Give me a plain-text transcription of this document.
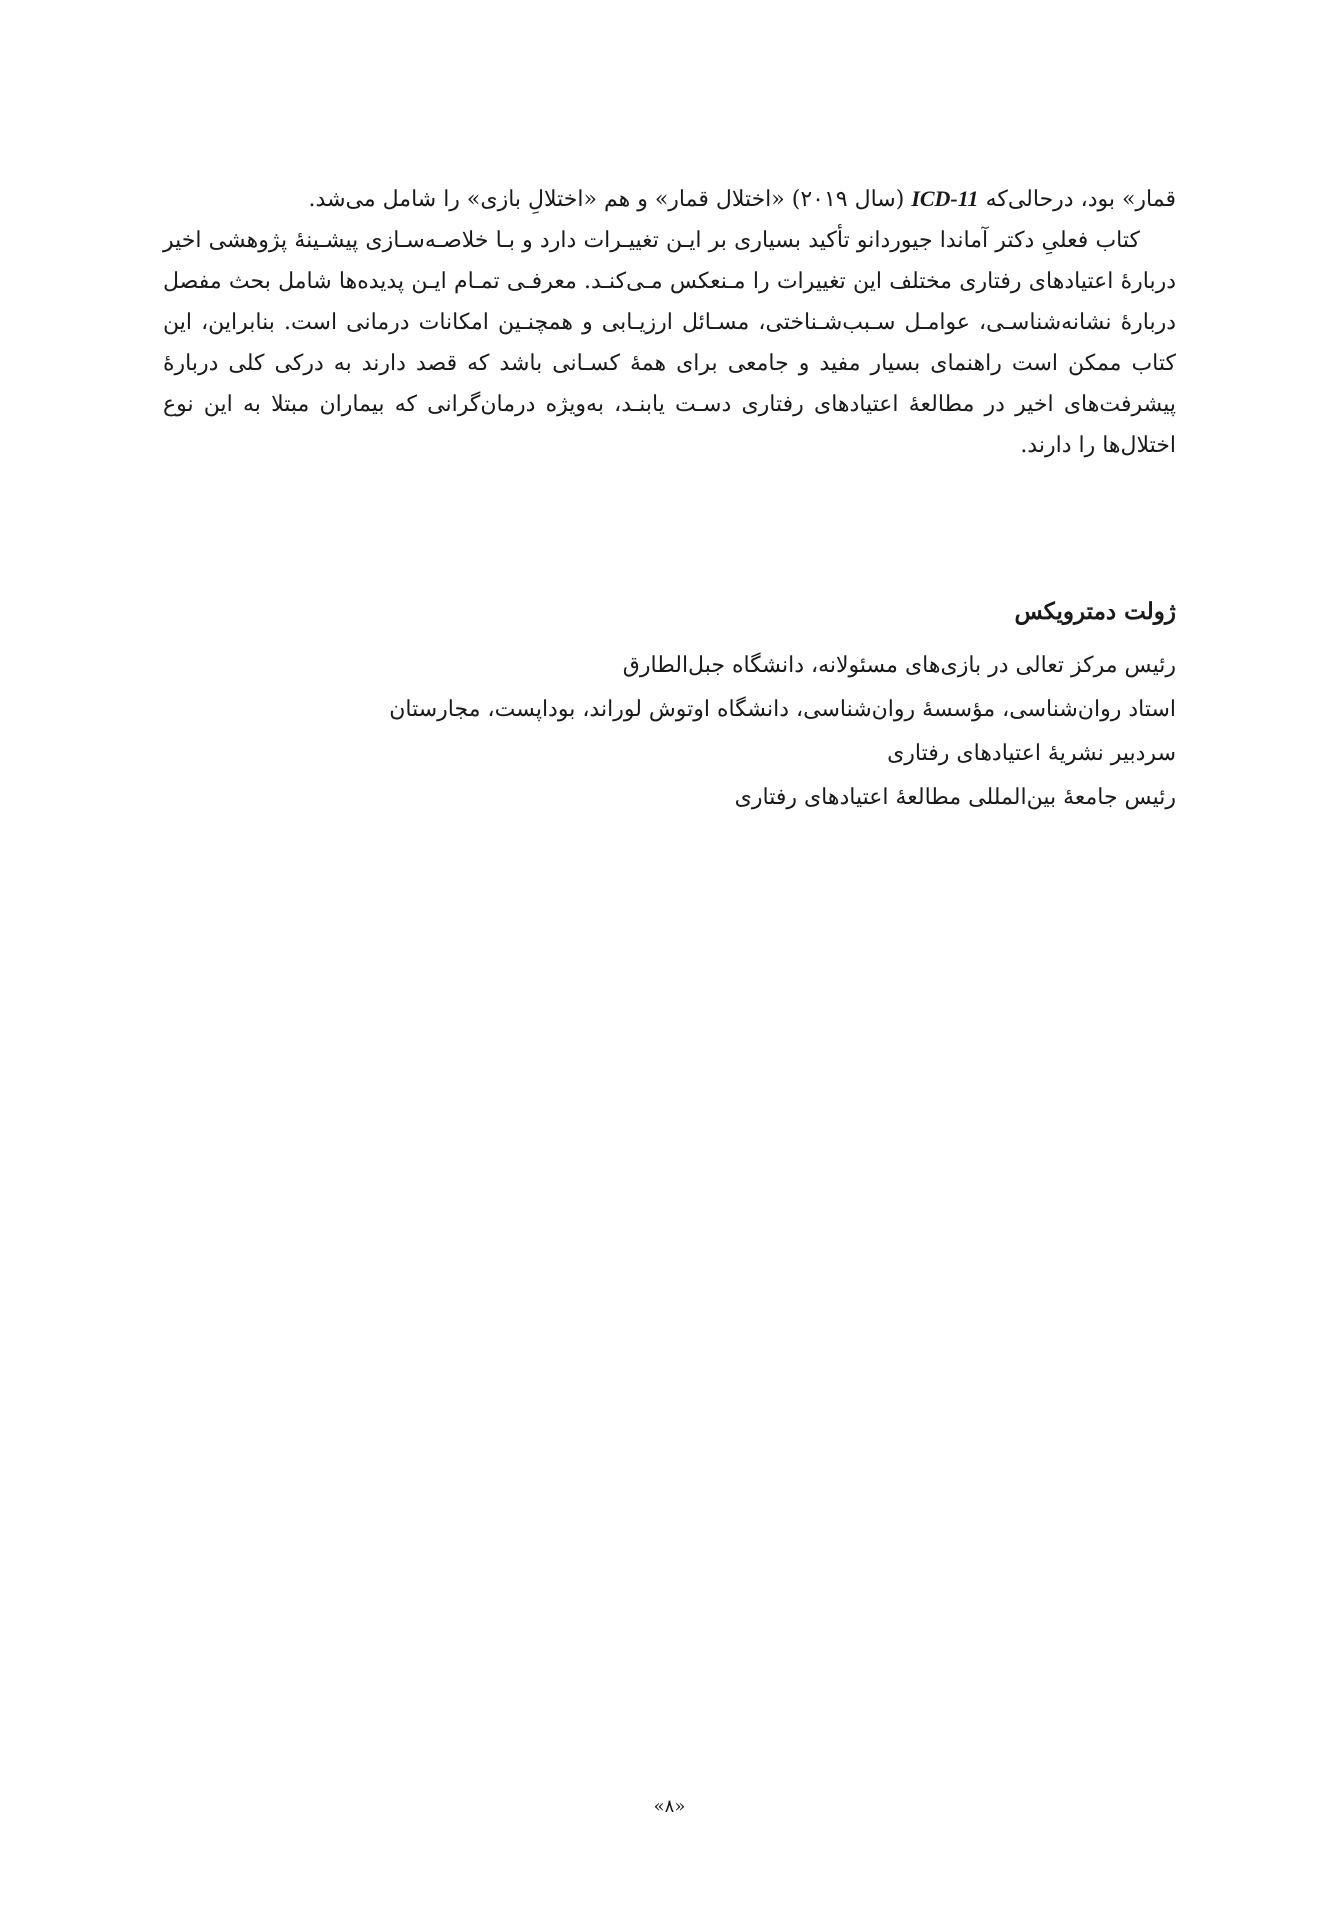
قمار» بود، درحالی‌که ICD-11 (سال ۲۰۱۹) «اختلال قمار» و هم «اختلالِ بازی» را شامل می‌شد.

کتاب فعلیِ دکتر آماندا جیوردانو تأکید بسیاری بر ایـن تغییـرات دارد و بـا خلاصـه‌سـازی پیشـینهٔ پژوهشی اخیر دربارهٔ اعتیادهای رفتاری مختلف این تغییرات را مـنعکس مـی‌کنـد. معرفـی تمـام ایـن پدیده‌ها شامل بحث مفصل دربارهٔ نشانه‌شناسـی، عوامـل سـبب‌شـناختی، مسـائل ارزیـابی و همچنـین امکانات درمانی است. بنابراین، این کتاب ممکن است راهنمای بسیار مفید و جامعی برای همهٔ کسـانی باشد که قصد دارند به درکی کلی دربارهٔ پیشرفت‌های اخیر در مطالعهٔ اعتیادهای رفتاری دسـت یابنـد، به‌ویژه درمان‌گرانی که بیماران مبتلا به این نوع اختلال‌ها را دارند.

ژولت دمترویکس
رئیس مرکز تعالی در بازی‌های مسئولانه، دانشگاه جبل‌الطارق
استاد روان‌شناسی، مؤسسهٔ روان‌شناسی، دانشگاه اوتوش لوراند، بوداپست، مجارستان
سردبیر نشریهٔ اعتیادهای رفتاری
رئیس جامعهٔ بین‌المللی مطالعهٔ اعتیادهای رفتاری
«۸»
